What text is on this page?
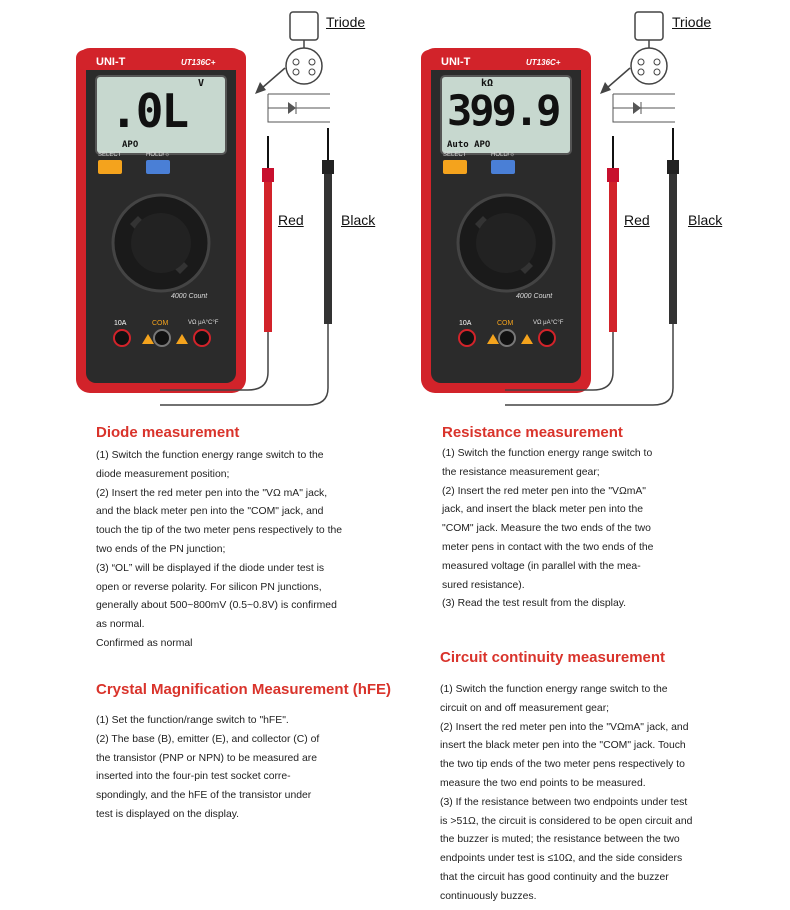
UNI-T	UT136C+
V
.0L
APO
SELECT	HOLD/☼
4000 Count
10A	COM	VΩ μA°C°F
Triode
Red	Black
UNI-T	UT136C+
kΩ
399.9
Auto APO
SELECT	HOLD/☼
4000 Count
10A	COM	VΩ μA°C°F
Triode
Red	Black
Diode measurement
(1) Switch the function energy range switch to the
diode measurement position;
(2) Insert the red meter pen into the "VΩ mA" jack,
and the black meter pen into the "COM" jack, and
touch the tip of the two meter pens respectively to the
two ends of the PN junction;
(3) “OL” will be displayed if the diode under test is
open or reverse polarity. For silicon PN junctions,
generally about 500~800mV (0.5~0.8V) is confirmed
as normal.
Confirmed as normal
Resistance measurement
(1) Switch the function energy range switch to
the resistance measurement gear;
(2) Insert the red meter pen into the "VΩmA"
jack, and insert the black meter pen into the
"COM" jack. Measure the two ends of the two
meter pens in contact with the two ends of the
measured voltage (in parallel with the mea-
sured resistance).
(3) Read the test result from the display.
Crystal Magnification Measurement (hFE)
(1) Set the function/range switch to "hFE".
(2) The base (B), emitter (E), and collector (C) of
the transistor (PNP or NPN) to be measured are
inserted into the four-pin test socket corre-
spondingly, and the hFE of the transistor under
test is displayed on the display.
Circuit continuity measurement
(1) Switch the function energy range switch to the
circuit on and off measurement gear;
(2) Insert the red meter pen into the "VΩmA" jack, and
insert the black meter pen into the "COM" jack. Touch
the two tip ends of the two meter pens respectively to
measure the two end points to be measured.
(3) If the resistance between two endpoints under test
is >51Ω, the circuit is considered to be open circuit and
the buzzer is muted; the resistance between the two
endpoints under test is ≤10Ω, and the side considers
that the circuit has good continuity and the buzzer
continuously buzzes.
